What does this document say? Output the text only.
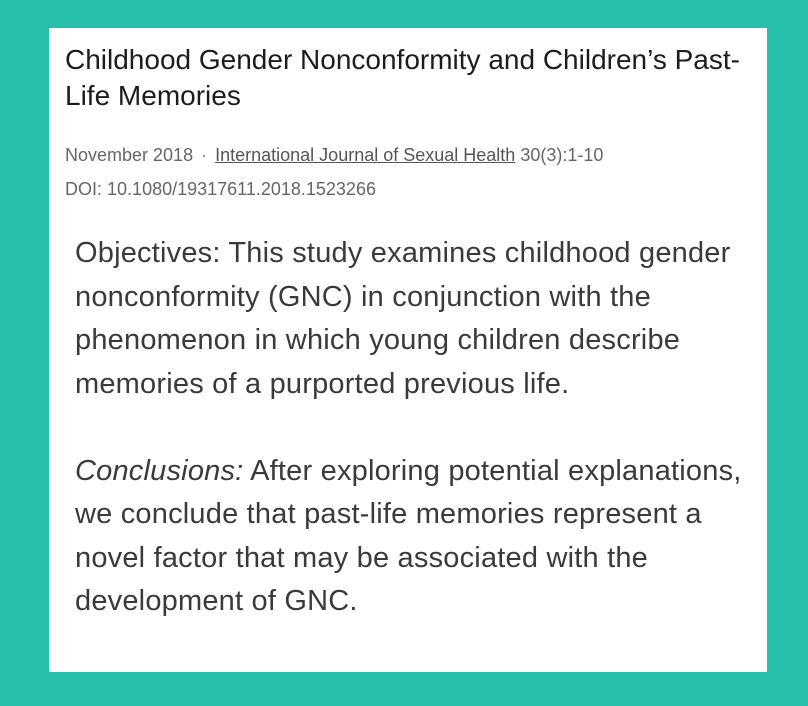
Childhood Gender Nonconformity and Children’s Past-Life Memories
November 2018 · International Journal of Sexual Health 30(3):1-10
DOI: 10.1080/19317611.2018.1523266

Objectives: This study examines childhood gender nonconformity (GNC) in conjunction with the phenomenon in which young children describe memories of a purported previous life.

Conclusions: After exploring potential explanations, we conclude that past-life memories represent a novel factor that may be associated with the development of GNC.
